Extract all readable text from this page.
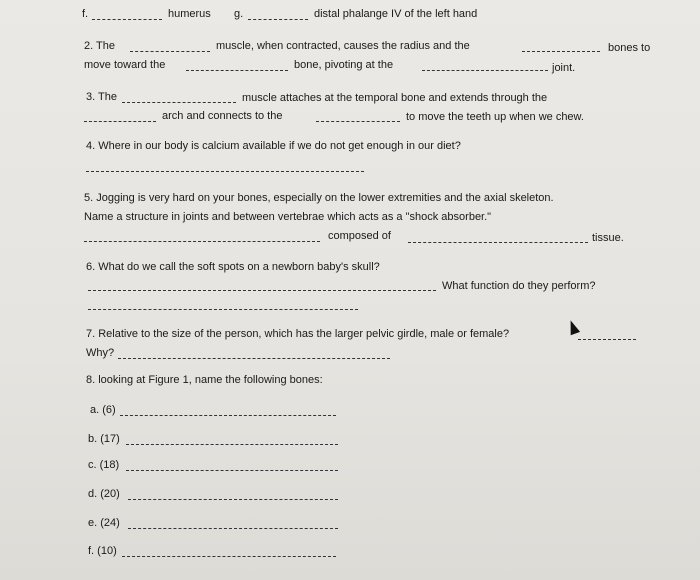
f.	humerus g.	distal phalange IV of the left hand
2. The	muscle, when contracted, causes the radius and the	bones to
move toward the	bone, pivoting at the	joint.
3. The	muscle attaches at the temporal bone and extends through the
arch and connects to the	to move the teeth up when we chew.
4. Where in our body is calcium available if we do not get enough in our diet?
5. Jogging is very hard on your bones, especially on the lower extremities and the axial skeleton.
Name a structure in joints and between vertebrae which acts as a "shock absorber."
composed of	tissue.
6. What do we call the soft spots on a newborn baby's skull?
What function do they perform?
7. Relative to the size of the person, which has the larger pelvic girdle, male or female?
Why?
8. looking at Figure 1, name the following bones:
a. (6)
b. (17)
c. (18)
d. (20)
e. (24)
f. (10)
